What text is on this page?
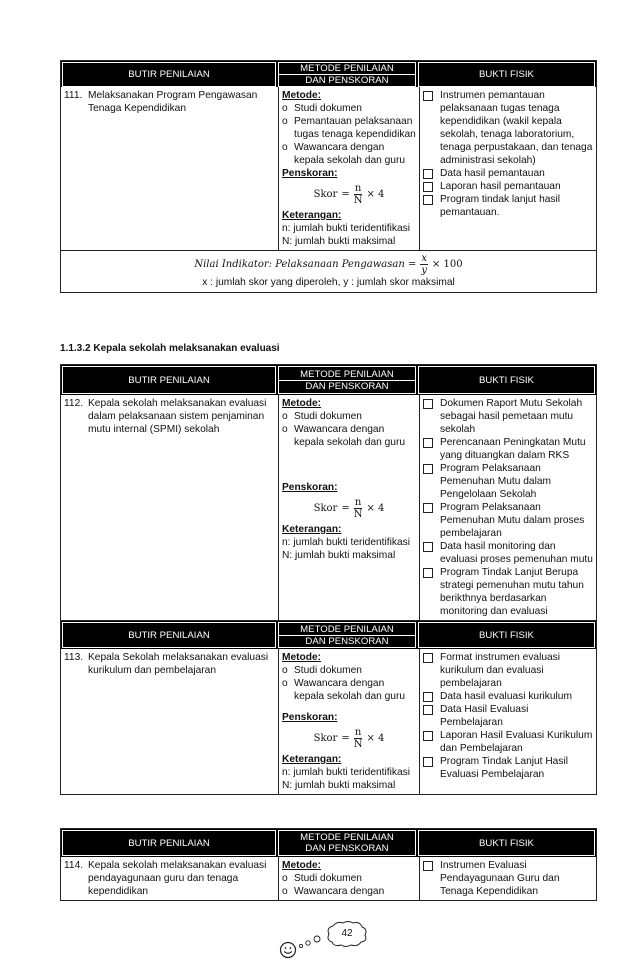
BUTIR PENILAIAN
METODE PENILAIAN
DAN PENSKORAN
BUKTI FISIK
111. Melaksanakan Program Pengawasan Tenaga Kependidikan
Metode:
o Studi dokumen
o Pemantauan pelaksanaan tugas tenaga kependidikan
o Wawancara dengan kepala sekolah dan guru
Penskoran:
Skor = $\frac{n}{N} \times 4$
Keterangan:
n: jumlah bukti teridentifikasi
N: jumlah bukti maksimal
Instrumen pemantauan pelaksanaan tugas tenaga kependidikan (wakil kepala sekolah, tenaga laboratorium, tenaga perpustakaan, dan tenaga administrasi sekolah)
Data hasil pemantauan
Laporan hasil pemantauan
Program tindak lanjut hasil pemantauan.
Nilai Indikator: Pelaksanaan Pengawasan = $\frac{x}{y} \times 100$
x : jumlah skor yang diperoleh, y : jumlah skor maksimal
1.1.3.2 Kepala sekolah melaksanakan evaluasi
BUTIR PENILAIAN
METODE PENILAIAN
DAN PENSKORAN
BUKTI FISIK
112. Kepala sekolah melaksanakan evaluasi dalam pelaksanaan sistem penjaminan mutu internal (SPMI) sekolah
Metode:
o Studi dokumen
o Wawancara dengan kepala sekolah dan guru
Penskoran:
Skor = $\frac{n}{N} \times 4$
Keterangan:
n: jumlah bukti teridentifikasi
N: jumlah bukti maksimal
Dokumen Raport Mutu Sekolah sebagai hasil pemetaan mutu sekolah
Perencanaan Peningkatan Mutu yang dituangkan dalam RKS
Program Pelaksanaan Pemenuhan Mutu dalam Pengelolaan Sekolah
Program Pelaksanaan Pemenuhan Mutu dalam proses pembelajaran
Data hasil monitoring dan evaluasi proses pemenuhan mutu
Program Tindak Lanjut Berupa strategi pemenuhan mutu tahun berikthnya berdasarkan monitoring dan evaluasi
BUTIR PENILAIAN
METODE PENILAIAN
DAN PENSKORAN
BUKTI FISIK
113. Kepala Sekolah melaksanakan evaluasi kurikulum dan pembelajaran
Metode:
o Studi dokumen
o Wawancara dengan kepala sekolah dan guru
Penskoran:
Skor = $\frac{n}{N} \times 4$
Keterangan:
n: jumlah bukti teridentifikasi
N: jumlah bukti maksimal
Format instrumen evaluasi kurikulum dan evaluasi pembelajaran
Data hasil evaluasi kurikulum
Data Hasil Evaluasi Pembelajaran
Laporan Hasil Evaluasi Kurikulum dan Pembelajaran
Program Tindak Lanjut Hasil Evaluasi Pembelajaran
BUTIR PENILAIAN	METODE PENILAIAN DAN PENSKORAN	BUKTI FISIK
114. Kepala sekolah melaksanakan evaluasi pendayagunaan guru dan tenaga kependidikan
Metode:
o Studi dokumen
o Wawancara dengan
Instrumen Evaluasi Pendayagunaan Guru dan Tenaga Kependidikan
42
